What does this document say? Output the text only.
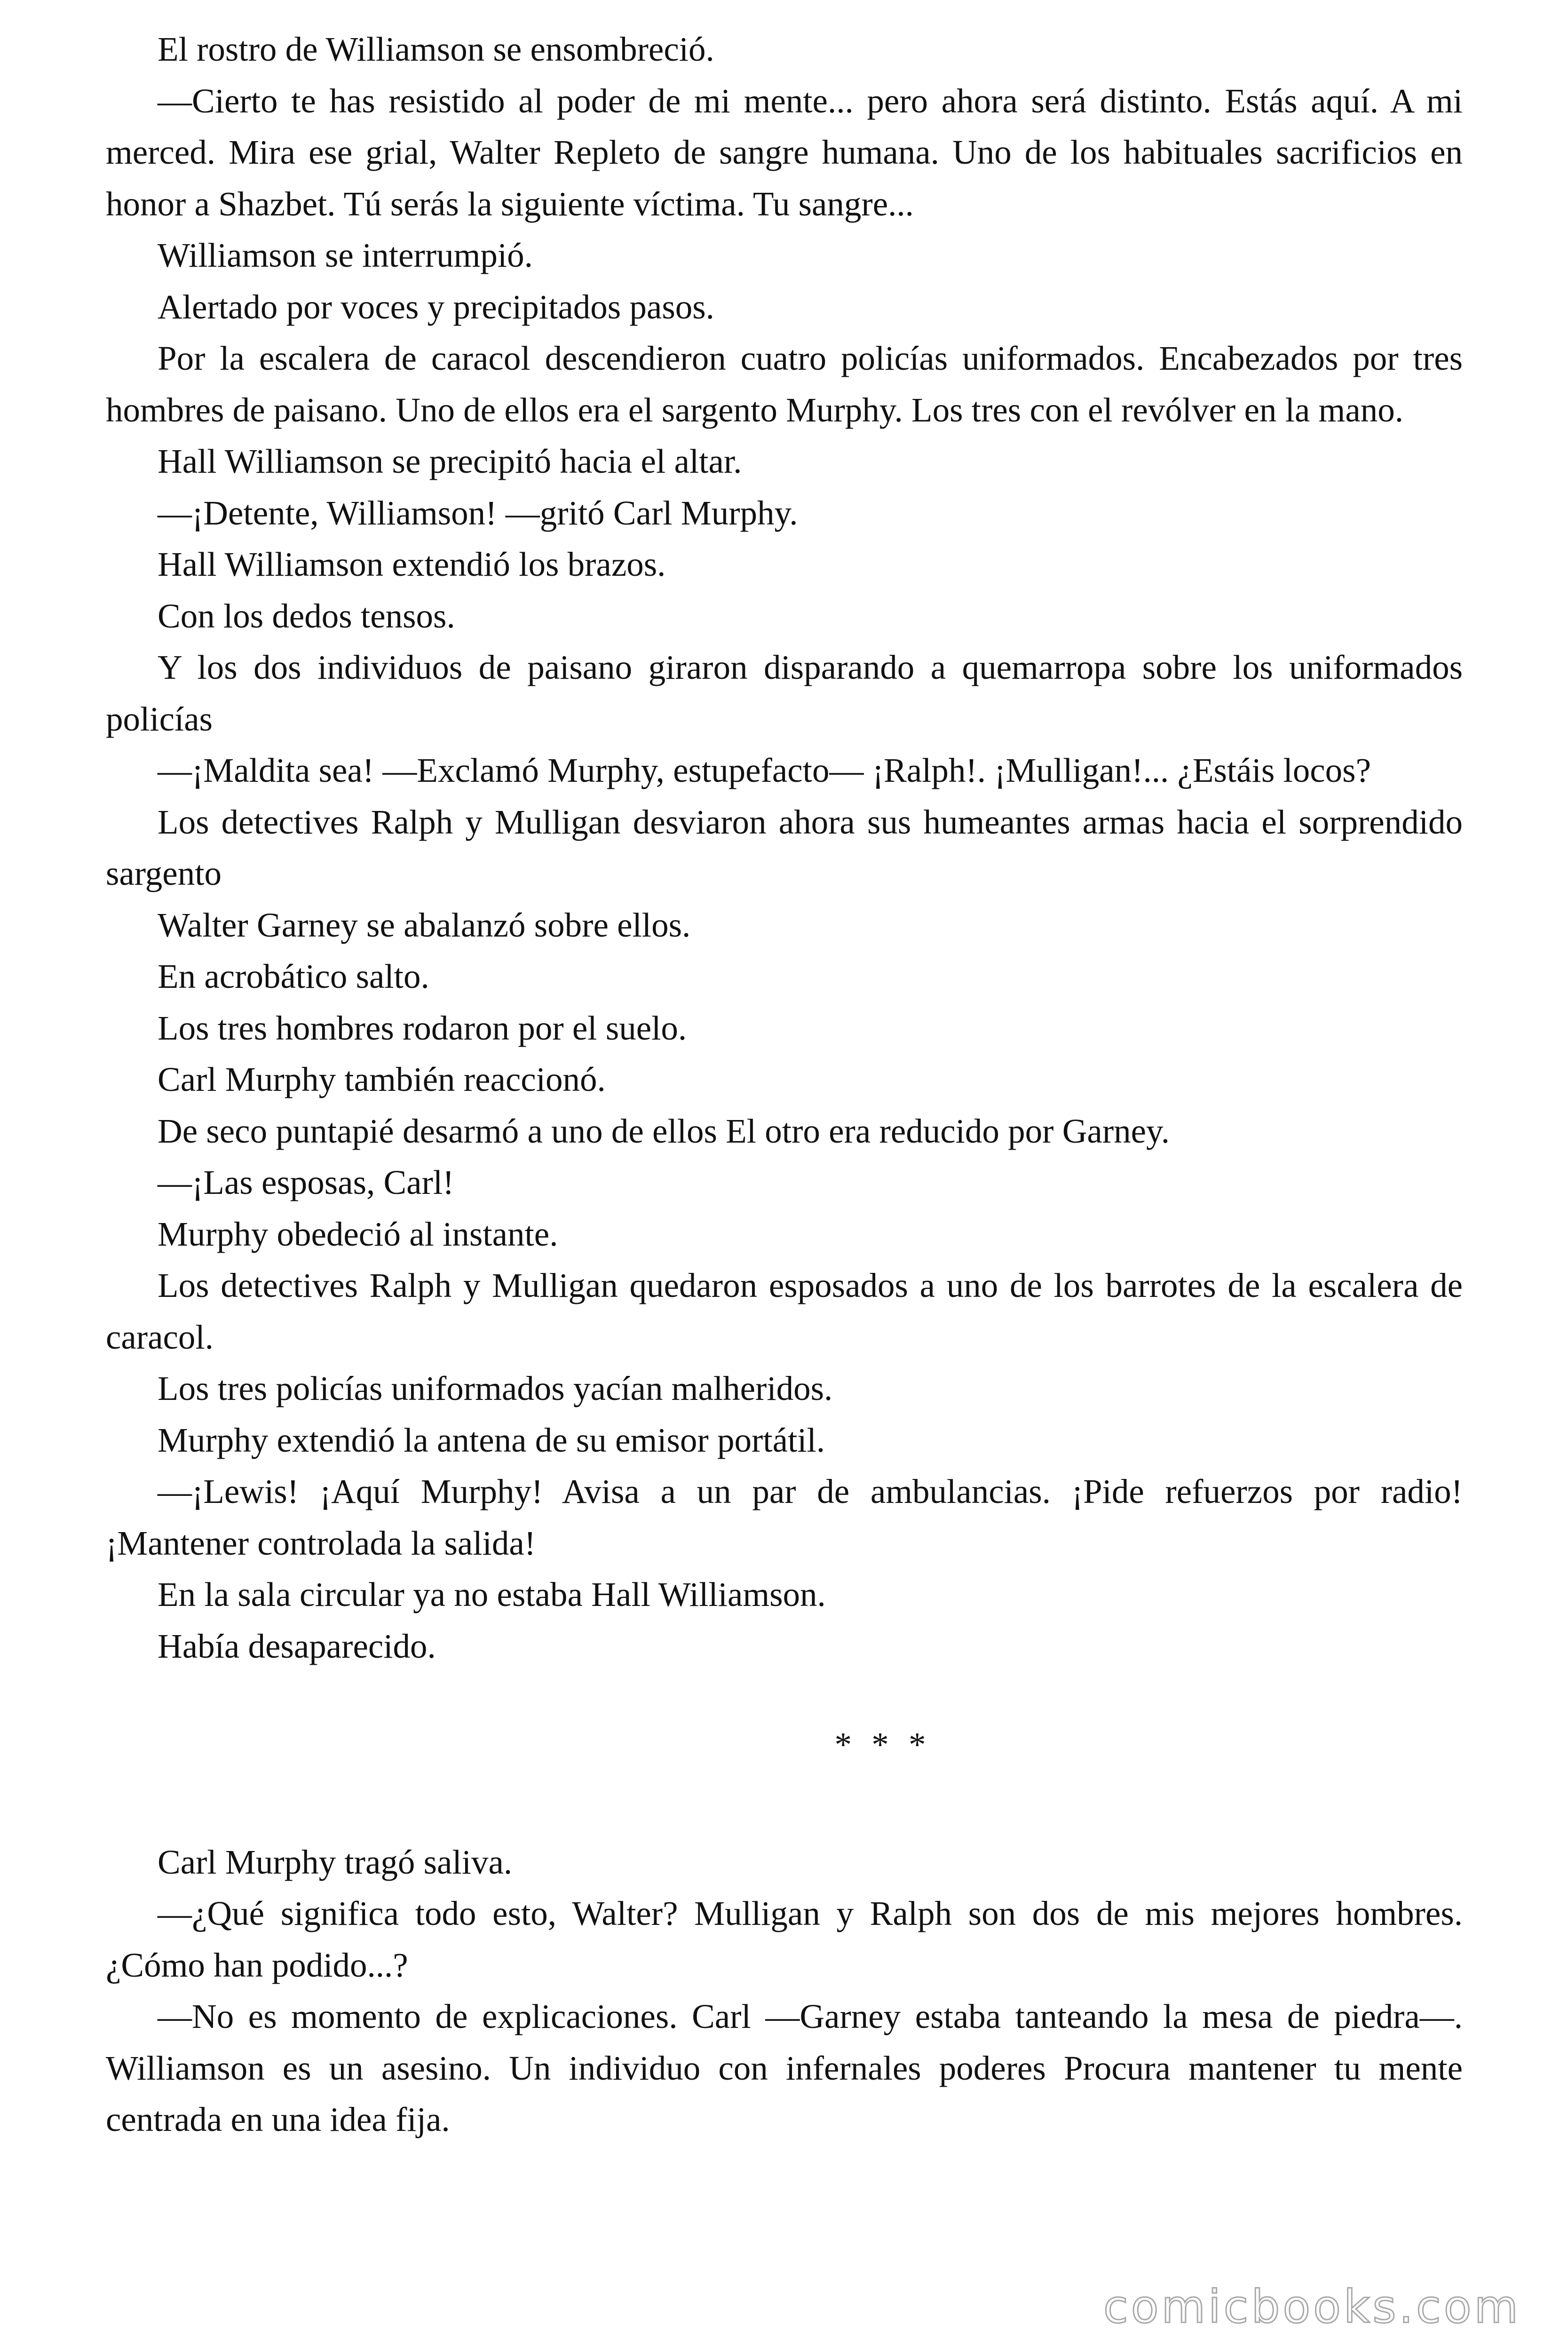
El rostro de Williamson se ensombreció.

—Cierto te has resistido al poder de mi mente... pero ahora será distinto. Estás aquí. A mi merced. Mira ese grial, Walter Repleto de sangre humana. Uno de los habituales sacrificios en honor a Shazbet. Tú serás la siguiente víctima. Tu sangre...

Williamson se interrumpió.

Alertado por voces y precipitados pasos.

Por la escalera de caracol descendieron cuatro policías uniformados. Encabezados por tres hombres de paisano. Uno de ellos era el sargento Murphy. Los tres con el revólver en la mano.

Hall Williamson se precipitó hacia el altar.

—¡Detente, Williamson! —gritó Carl Murphy.

Hall Williamson extendió los brazos.

Con los dedos tensos.

Y los dos individuos de paisano giraron disparando a quemarropa sobre los uniformados policías

—¡Maldita sea! —Exclamó Murphy, estupefacto— ¡Ralph!. ¡Mulligan!... ¿Estáis locos?

Los detectives Ralph y Mulligan desviaron ahora sus humeantes armas hacia el sorprendido sargento

Walter Garney se abalanzó sobre ellos.

En acrobático salto.

Los tres hombres rodaron por el suelo.

Carl Murphy también reaccionó.

De seco puntapié desarmó a uno de ellos El otro era reducido por Garney.

—¡Las esposas, Carl!

Murphy obedeció al instante.

Los detectives Ralph y Mulligan quedaron esposados a uno de los barrotes de la escalera de caracol.

Los tres policías uniformados yacían malheridos.

Murphy extendió la antena de su emisor portátil.

—¡Lewis! ¡Aquí Murphy! Avisa a un par de ambulancias. ¡Pide refuerzos por radio! ¡Mantener controlada la salida!

En la sala circular ya no estaba Hall Williamson.

Había desaparecido.

* * *

Carl Murphy tragó saliva.

—¿Qué significa todo esto, Walter? Mulligan y Ralph son dos de mis mejores hombres. ¿Cómo han podido...?

—No es momento de explicaciones. Carl —Garney estaba tanteando la mesa de piedra—. Williamson es un asesino. Un individuo con infernales poderes Procura mantener tu mente centrada en una idea fija.

comicbooks.com
